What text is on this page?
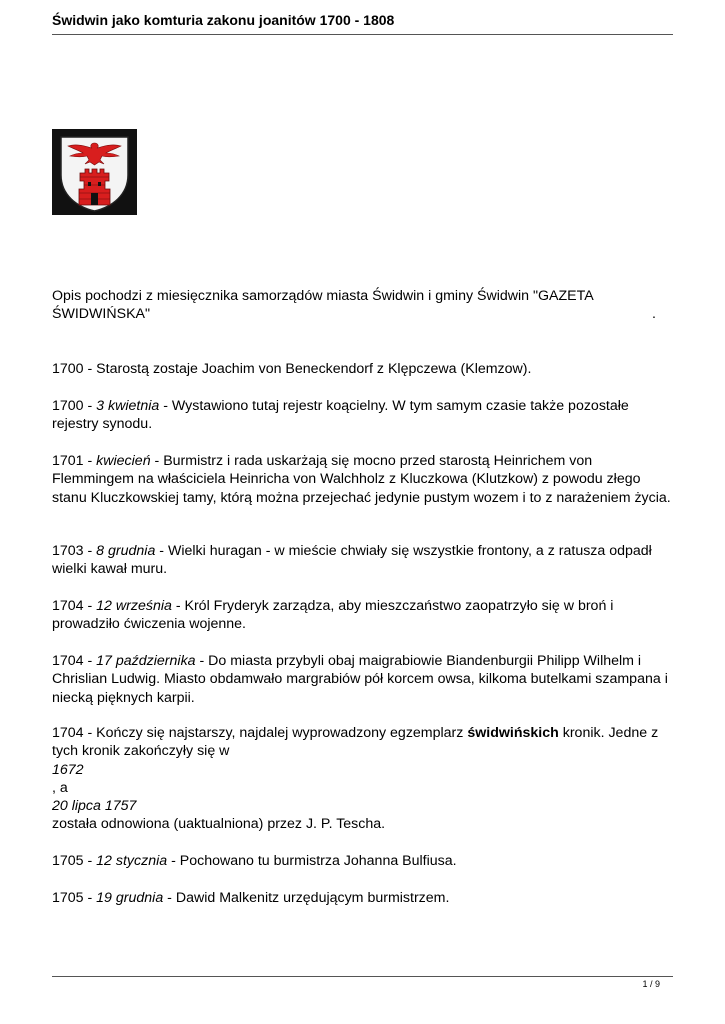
Świdwin jako komturia zakonu joanitów 1700 - 1808
Opis pochodzi z miesięcznika samorządów miasta Świdwin i gminy Świdwin "GAZETA
ŚWIDWIŃSKA"	.
1700 - Starostą zostaje Joachim von Beneckendorf z Klępczewa (Klemzow).
1700 - 3 kwietnia - Wystawiono tutaj rejestr koącielny. W tym samym czasie także pozostałe rejestry synodu.
1701 - kwiecień - Burmistrz i rada uskarżają się mocno przed starostą Heinrichem von Flemmingem na właściciela Heinricha von Walchholz z Kluczkowa (Klutzkow) z powodu złego stanu Kluczkowskiej tamy, którą można przejechać jedynie pustym wozem i to z narażeniem życia.
1703 - 8 grudnia - Wielki huragan - w mieście chwiały się wszystkie frontony, a z ratusza odpadł wielki kawał muru.
1704 - 12 września - Król Fryderyk zarządza, aby mieszczaństwo zaopatrzyło się w broń i prowadziło ćwiczenia wojenne.
1704 - 17 października - Do miasta przybyli obaj maigrabiowie Biandenburgii Philipp Wilhelm i Chrislian Ludwig. Miasto obdamwało margrabiów pół korcem owsa, kilkoma butelkami szampana i niecką pięknych karpii.
1704 - Kończy się najstarszy, najdalej wyprowadzony egzemplarz świdwińskich kronik. Jedne z tych kronik zakończyły się w
1672
, a
20 lipca 1757
została odnowiona (uaktualniona) przez J. P. Tescha.
1705 - 12 stycznia - Pochowano tu burmistrza Johanna Bulfiusa.
1705 - 19 grudnia - Dawid Malkenitz urzędującym burmistrzem.
1 / 9
